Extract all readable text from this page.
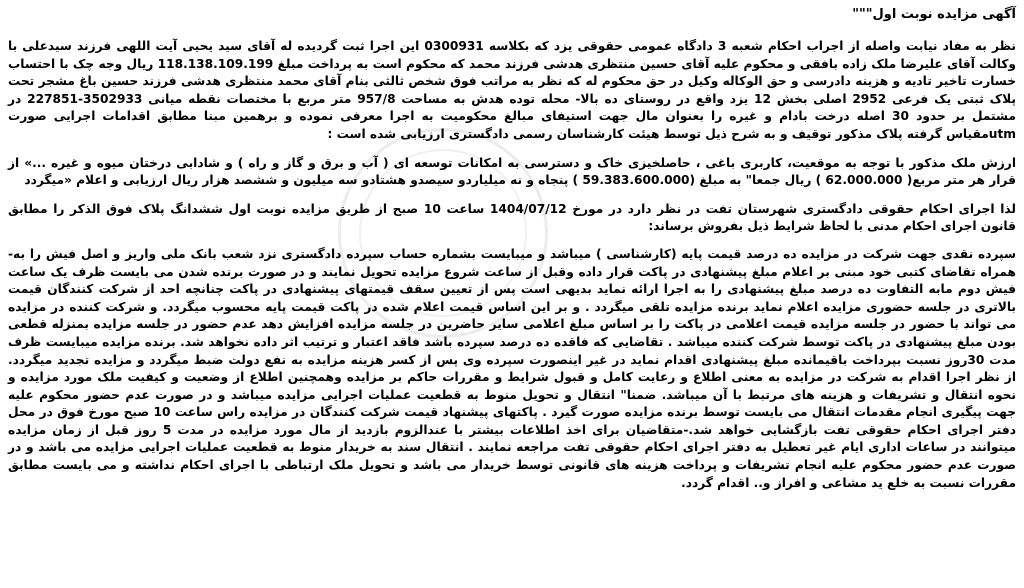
آگهی مزایده نوبت اول"""

نظر به مفاد نیابت واصله از اجراب احکام شعبه 3 دادگاه عمومی حقوقی یزد که بکلاسه 0300931 این اجرا ثبت گردیده له آقای سید یحیی آیت اللهی فرزند سیدعلی با وکالت آقای علیرضا ملک زاده بافقی و محکوم علیه آقای حسین منتظری هدشی فرزند محمد که محکوم است به پرداخت مبلغ 118.138.109.199 ریال وجه چک با احتساب خسارت تاخیر تادیه و هزینه دادرسی و حق الوکاله وکیل در حق محکوم له که نظر به مراتب فوق شخص ثالثی بنام آقای محمد منتظری هدشی فرزند حسین باغ مشجر تحت پلاک ثبتی یک فرعی 2952 اصلی بخش 12 یزد واقع در روستای ده بالا- محله توده هدش به مساحت 957/8 متر مربع با مختصات نقطه میانی 3502933-227851 در مشتمل بر حدود 30 اصله درخت بادام و غیره را بعنوان مال جهت استیفای مبالغ محکومیت به اجرا معرفی نموده و برهمین مبنا مطابق اقدامات اجرایی صورت utmمقیاس گرفته پلاک مذکور توقیف و به شرح ذیل توسط هیئت کارشناسان رسمی دادگستری ارزیابی شده است :

ارزش ملک مذکور با توجه به موقعیت، کاربری باغی ، حاصلخیزی خاک و دسترسی به امکانات توسعه ای ( آب و برق و گاز و راه ) و شادابی درختان میوه و غیره ...» از قرار هر متر مربع( 62.000.000 ) ریال جمعا" به مبلغ (59.383.600.000 ) پنجاه و نه میلیاردو سیصدو هشتادو سه میلیون و ششصد هزار ریال ارزیابی و اعلام «میگردد

لذا اجرای احکام حقوقی دادگستری شهرستان تفت در نظر دارد در مورخ 1404/07/12 ساعت 10 صبح از طریق مزایده نوبت اول ششدانگ پلاک فوق الذکر را مطابق قانون اجرای احکام مدنی با لحاظ شرایط ذیل بفروش برساند:

سپرده نقدی جهت شرکت در مزایده ده درصد قیمت پایه (کارشناسی ) میباشد و میبایست بشماره حساب سپرده دادگستری نزد شعب بانک ملی واریز و اصل فیش را به- همراه تقاضای کتبی خود مبنی بر اعلام مبلغ پیشنهادی در پاکت قرار داده وقبل از ساعت شروع مزایده تحویل نمایند و در صورت برنده شدن می بایست ظرف یک ساعت فیش دوم مابه التفاوت ده درصد مبلغ پیشنهادی را به اجرا ارائه نماید بدیهی است پس از تعیین سقف قیمتهای پیشنهادی در پاکت چنانچه احد از شرکت کنندگان قیمت بالاتری در جلسه حضوری مزایده اعلام نماید برنده مزایده تلقی میگردد . و بر این اساس قیمت اعلام شده در پاکت قیمت پایه محسوب میگردد. و شرکت کننده در مزایده می تواند با حضور در جلسه مزایده قیمت اعلامی در پاکت را بر اساس مبلغ اعلامی سایر حاضرین در جلسه مزایده افزایش دهد عدم حضور در جلسه مزایده بمنزله قطعی بودن مبلغ پیشنهادی در پاکت توسط شرکت کننده میباشد . تقاضایی که فاقده ده درصد سپرده باشد فاقد اعتبار و ترتیب اثر داده نخواهد شد. برنده مزایده میبایست ظرف مدت 30روز نسبت بپرداخت باقیمانده مبلغ پیشنهادی اقدام نماید در غیر اینصورت سپرده وی پس از کسر هزینه مزایده به نفع دولت ضبط میگردد و مزایده تجدید میگردد. از نظر اجرا اقدام به شرکت در مزایده به معنی اطلاع و رعایت کامل و قبول شرایط و مقررات حاکم بر مزایده وهمچنین اطلاع از وضعیت و کیفیت ملک مورد مزایده و نحوه انتقال و تشریفات و هزینه های مرتبط با آن میباشد. ضمنا" انتقال و تحویل منوط به قطعیت عملیات اجرایی مزایده میباشد و در صورت عدم حضور محکوم علیه جهت پیگیری انجام مقدمات انتقال می بایست توسط برنده مزایده صورت گیرد . پاکتهای پیشنهاد قیمت شرکت کنندگان در مزایده راس ساعت 10 صبح مورخ فوق در محل دفتر اجرای احکام حقوقی تفت بازگشایی خواهد شد.-متقاضیان برای اخذ اطلاعات بیشتر با عندالزوم بازدید از مال مورد مزایده در مدت 5 روز قبل از زمان مزایده میتوانند در ساعات اداری ایام غیر تعطیل به دفتر اجرای احکام حقوقی تفت مراجعه نمایند . انتقال سند به خریدار منوط به قطعیت عملیات اجرایی مزایده می باشد و در صورت عدم حضور محکوم علیه انجام تشریفات و پرداخت هزینه های قانونی توسط خریدار می باشد و تحویل ملک ارتباطی با اجرای احکام نداشته و می بایست مطابق مقررات نسبت به خلع ید مشاعی و افراز و.. اقدام گردد.
